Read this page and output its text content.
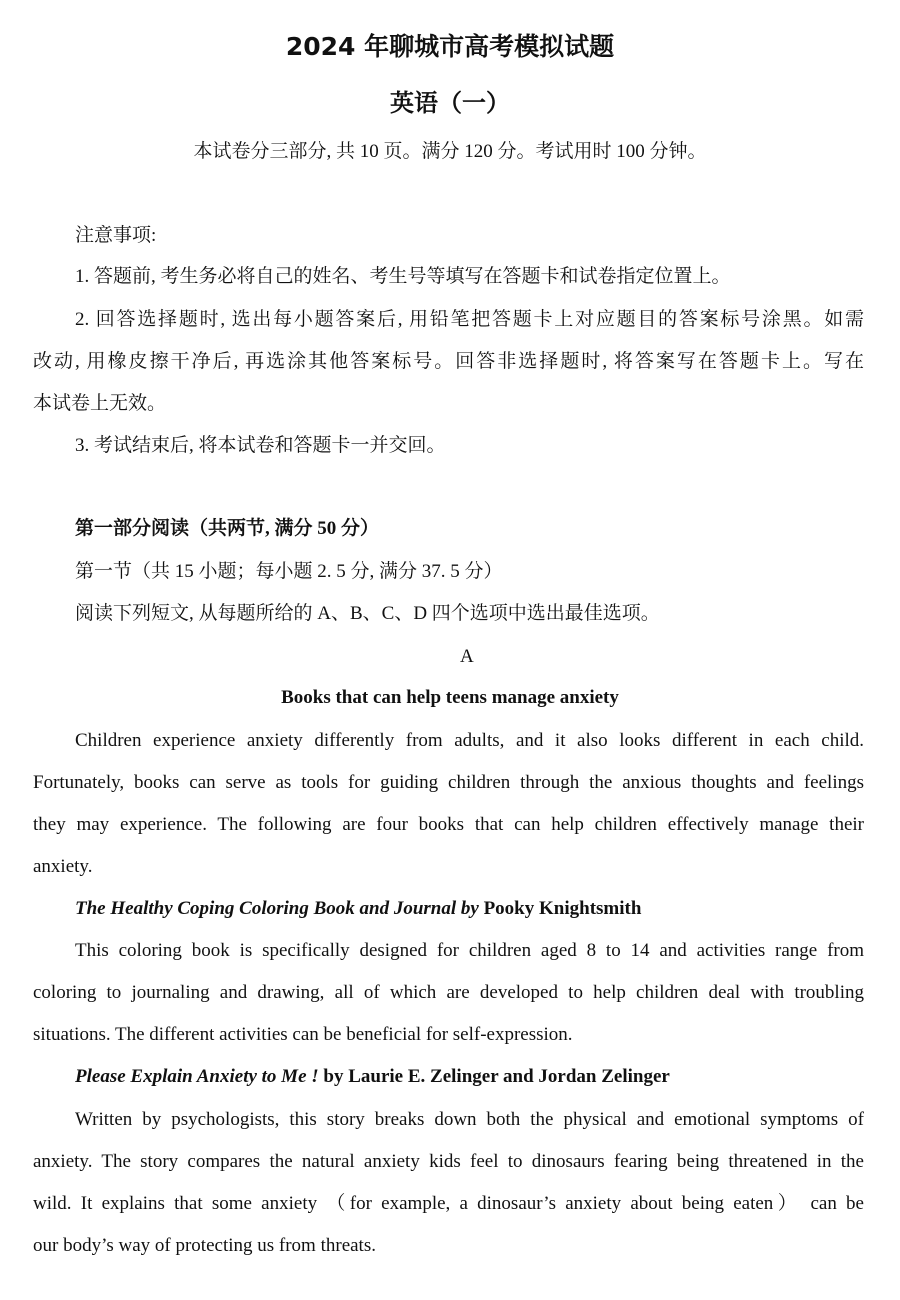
2024 年聊城市高考模拟试题
英语（一）
本试卷分三部分, 共 10 页。满分 120 分。考试用时 100 分钟。
注意事项:
1. 答题前, 考生务必将自己的姓名、考生号等填写在答题卡和试卷指定位置上。
2. 回答选择题时, 选出每小题答案后, 用铅笔把答题卡上对应题目的答案标号涂黑。如需
改动, 用橡皮擦干净后, 再选涂其他答案标号。回答非选择题时, 将答案写在答题卡上。写在
本试卷上无效。
3. 考试结束后, 将本试卷和答题卡一并交回。
第一部分阅读（共两节, 满分 50 分）
第一节（共 15 小题；每小题 2. 5 分, 满分 37. 5 分）
阅读下列短文, 从每题所给的 A、B、C、D 四个选项中选出最佳选项。
A
Books that can help teens manage anxiety
Children experience anxiety differently from adults, and it also looks different in each child.
Fortunately, books can serve as tools for guiding children through the anxious thoughts and feelings
they may experience. The following are four books that can help children effectively manage their
anxiety.
The Healthy Coping Coloring Book and Journal by Pooky Knightsmith
This coloring book is specifically designed for children aged 8 to 14 and activities range from
coloring to journaling and drawing, all of which are developed to help children deal with troubling
situations. The different activities can be beneficial for self-expression.
Please Explain Anxiety to Me ! by Laurie E. Zelinger and Jordan Zelinger
Written by psychologists, this story breaks down both the physical and emotional symptoms of
anxiety. The story compares the natural anxiety kids feel to dinosaurs fearing being threatened in the
wild. It explains that some anxiety （for example, a dinosaur’s anxiety about being eaten） can be
our body’s way of protecting us from threats.
